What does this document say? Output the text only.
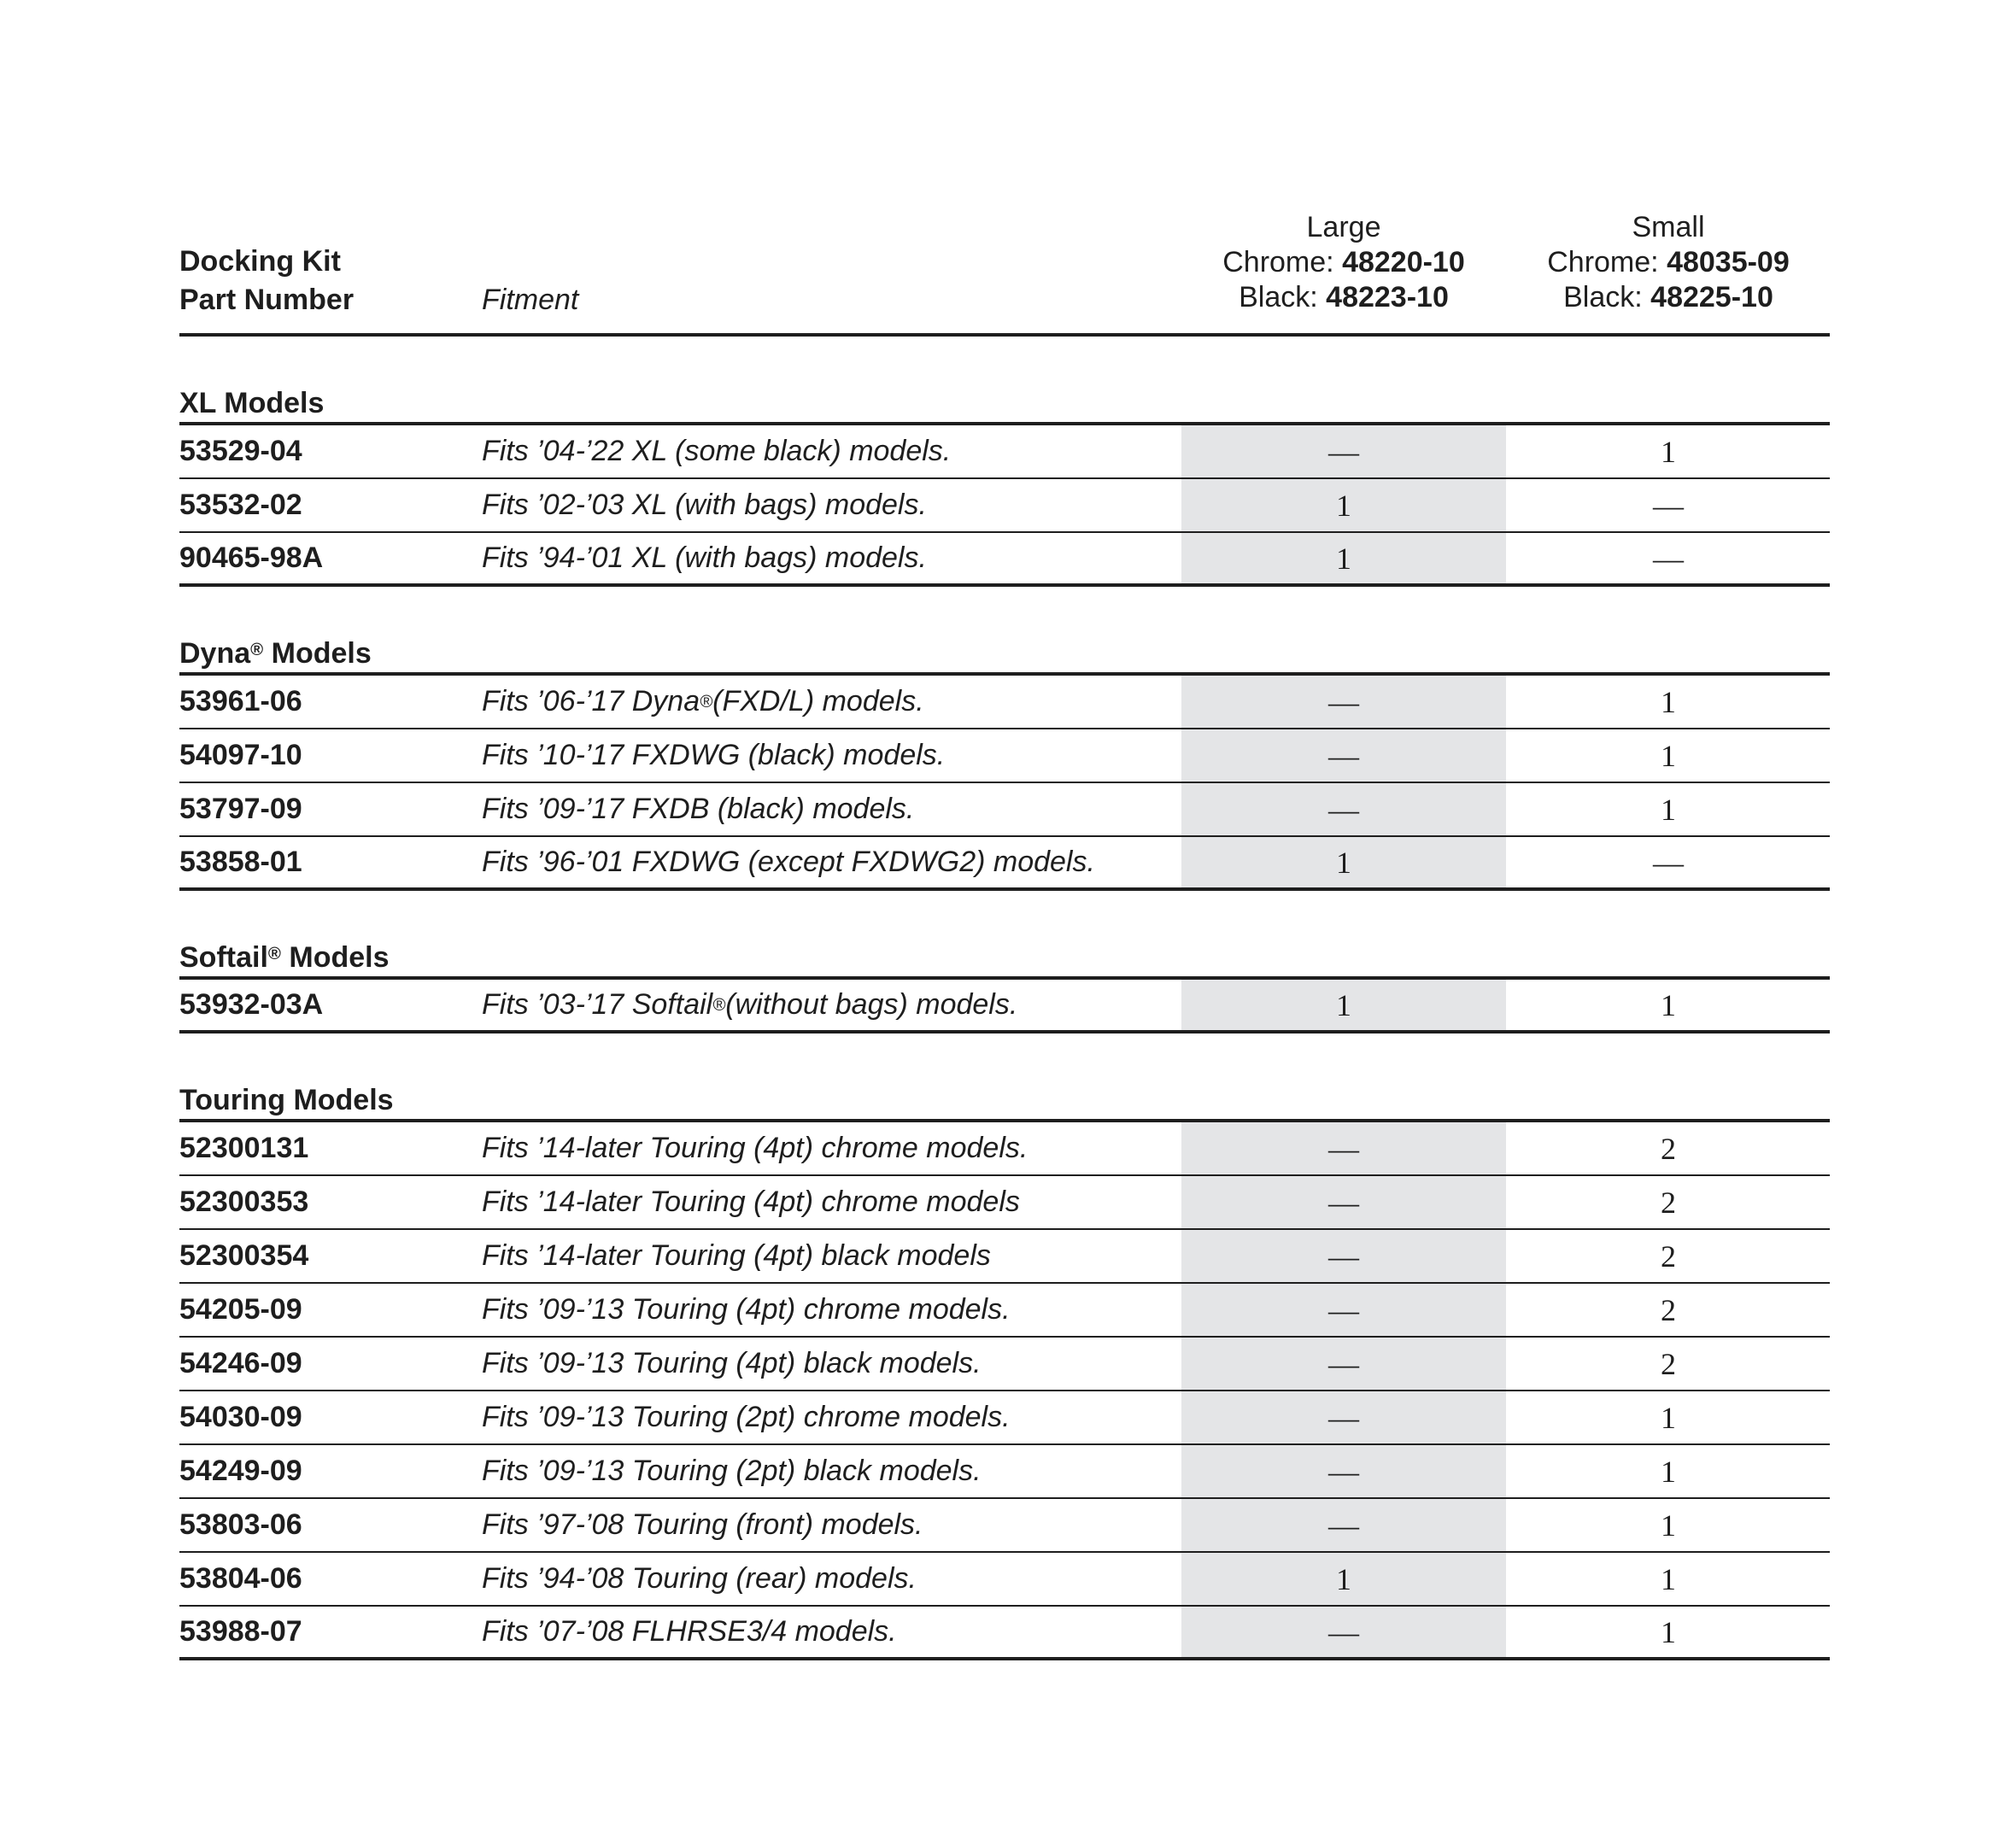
Docking Kit
Part Number	Fitment
Large
Chrome: 48220-10
Black: 48223-10
Small
Chrome: 48035-09
Black: 48225-10
XL Models
53529-04	Fits ’04-’22 XL (some black) models.	—	1
53532-02	Fits ’02-’03 XL (with bags) models.	1	—
90465-98A	Fits ’94-’01 XL (with bags) models.	1	—
Dyna® Models
53961-06	Fits ’06-’17 Dyna ® (FXD/L) models.	—	1
54097-10	Fits ’10-’17 FXDWG (black) models.	—	1
53797-09	Fits ’09-’17 FXDB (black) models.	—	1
53858-01	Fits ’96-’01 FXDWG (except FXDWG2) models.	1	—
Softail® Models
53932-03A	Fits ’03-’17 Softail ® (without bags) models.	1	1
Touring Models
52300131	Fits ’14-later Touring (4pt) chrome models.	—	2
52300353	Fits ’14-later Touring (4pt) chrome models	—	2
52300354	Fits ’14-later Touring (4pt) black models	—	2
54205-09	Fits ’09-’13 Touring (4pt) chrome models.	—	2
54246-09	Fits ’09-’13 Touring (4pt) black models.	—	2
54030-09	Fits ’09-’13 Touring (2pt) chrome models.	—	1
54249-09	Fits ’09-’13 Touring (2pt) black models.	—	1
53803-06	Fits ’97-’08 Touring (front) models.	—	1
53804-06	Fits ’94-’08 Touring (rear) models.	1	1
53988-07	Fits ’07-’08 FLHRSE3/4 models.	—	1
